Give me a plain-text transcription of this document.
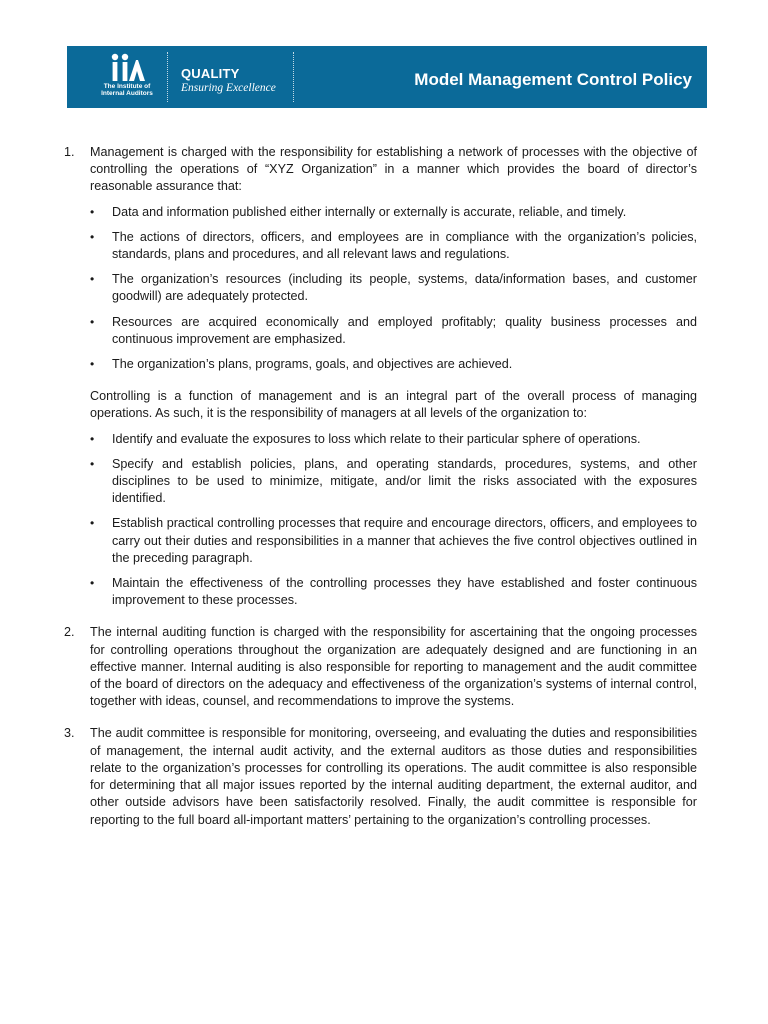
The Institute of
Internal Auditors
QUALITY
Ensuring Excellence	Model Management Control Policy
1.	Management is charged with the responsibility for establishing a network of processes with the objective of controlling the operations of “XYZ Organization” in a manner which provides the board of director’s reasonable assurance that:

•	Data and information published either internally or externally is accurate, reliable, and timely.
•	The actions of directors, officers, and employees are in compliance with the organization’s policies, standards, plans and procedures, and all relevant laws and regulations.
•	The organization’s resources (including its people, systems, data/information bases, and customer goodwill) are adequately protected.
•	Resources are acquired economically and employed profitably; quality business processes and continuous improvement are emphasized.
•	The organization’s plans, programs, goals, and objectives are achieved.

Controlling is a function of management and is an integral part of the overall process of managing operations. As such, it is the responsibility of managers at all levels of the organization to:

•	Identify and evaluate the exposures to loss which relate to their particular sphere of operations.
•	Specify and establish policies, plans, and operating standards, procedures, systems, and other disciplines to be used to minimize, mitigate, and/or limit the risks associated with the exposures identified.
•	Establish practical controlling processes that require and encourage directors, officers, and employees to carry out their duties and responsibilities in a manner that achieves the five control objectives outlined in the preceding paragraph.
•	Maintain the effectiveness of the controlling processes they have established and foster continuous improvement to these processes.
2.	The internal auditing function is charged with the responsibility for ascertaining that the ongoing processes for controlling operations throughout the organization are adequately designed and are functioning in an effective manner. Internal auditing is also responsible for reporting to management and the audit committee of the board of directors on the adequacy and effectiveness of the organization’s systems of internal control, together with ideas, counsel, and recommendations to improve the systems.

3.	The audit committee is responsible for monitoring, overseeing, and evaluating the duties and responsibilities of management, the internal audit activity, and the external auditors as those duties and responsibilities relate to the organization’s processes for controlling its operations. The audit committee is also responsible for determining that all major issues reported by the internal auditing department, the external auditor, and other outside advisors have been satisfactorily resolved. Finally, the audit committee is responsible for reporting to the full board all-important matters’ pertaining to the organization’s controlling processes.
